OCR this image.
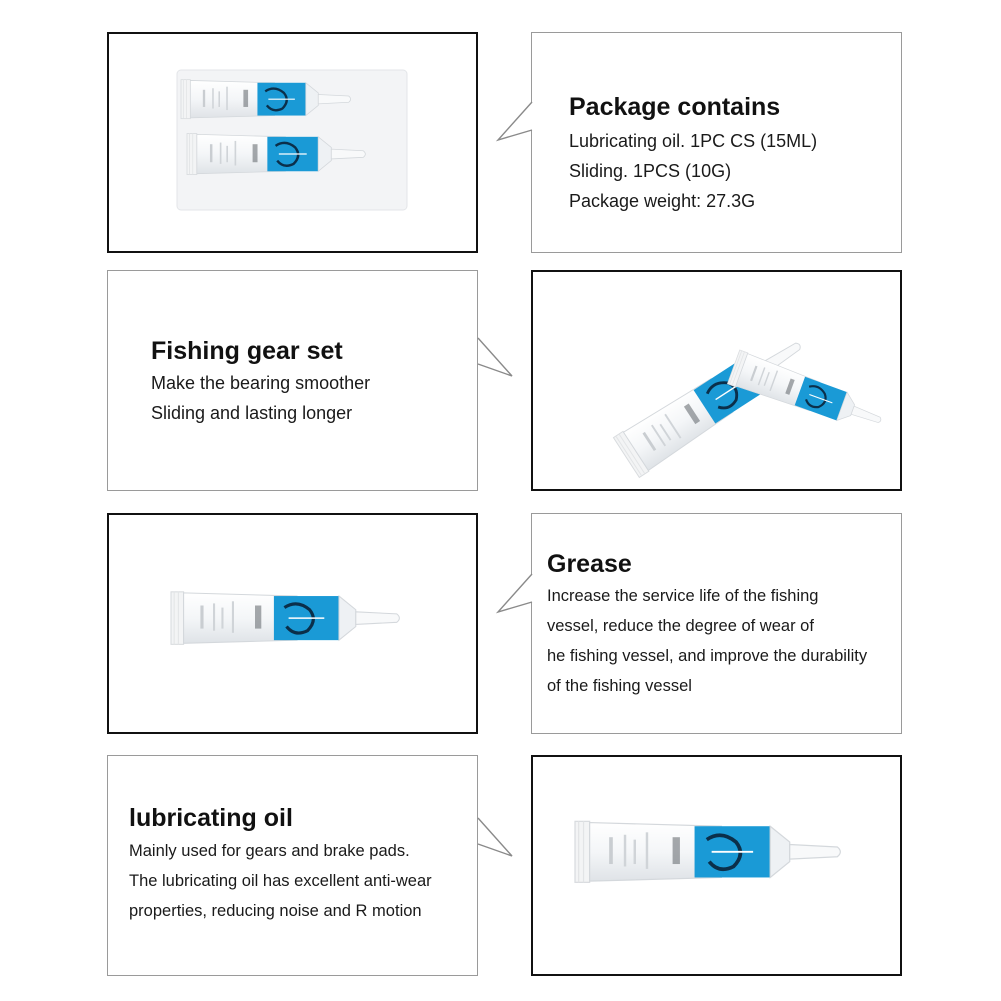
Package contains
Lubricating oil. 1PC CS (15ML)
Sliding. 1PCS (10G)
Package weight: 27.3G
Fishing gear set
Make the bearing smoother
Sliding and lasting longer
Grease
Increase the service life of the fishing
vessel, reduce the degree of wear of
he fishing vessel, and improve the durability
of the fishing vessel
lubricating oil
Mainly used for gears and brake pads.
The lubricating oil has excellent anti-wear
properties, reducing noise and R motion
